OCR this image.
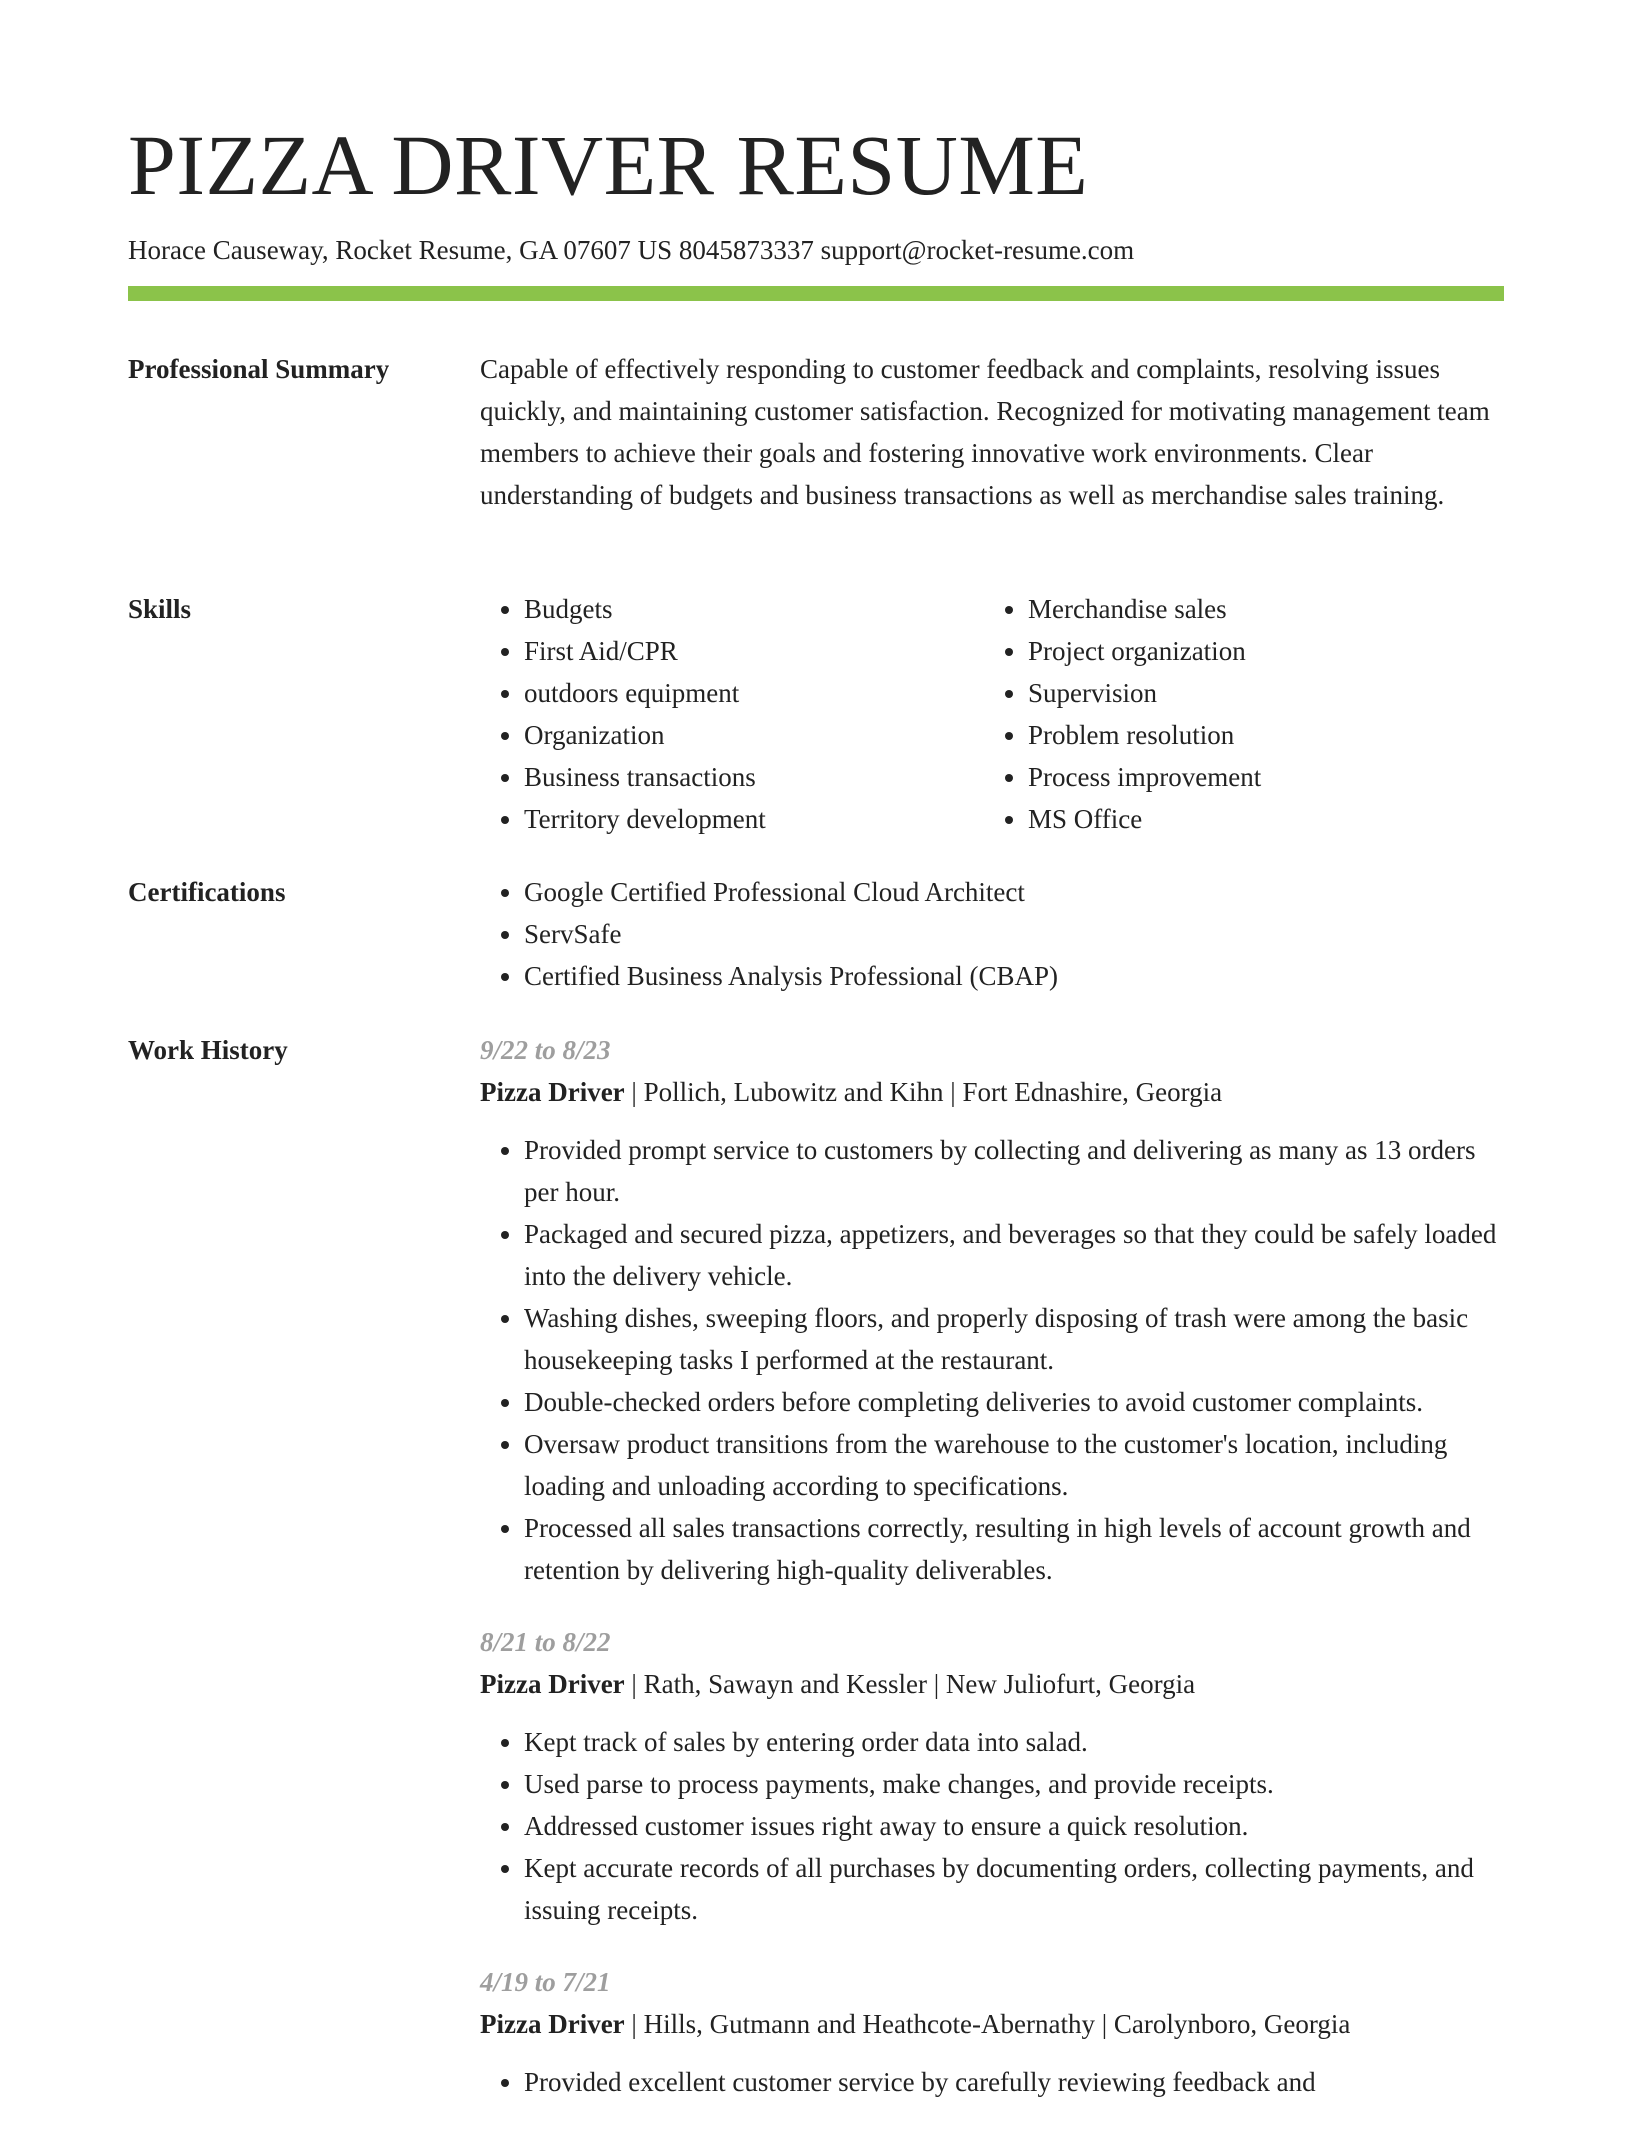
PIZZA DRIVER RESUME
Horace Causeway, Rocket Resume, GA 07607 US 8045873337 support@rocket-resume.com
Professional Summary	Capable of effectively responding to customer feedback and complaints, resolving issues quickly, and maintaining customer satisfaction. Recognized for motivating management team members to achieve their goals and fostering innovative work environments. Clear understanding of budgets and business transactions as well as merchandise sales training.

Skills	• Budgets
• First Aid/CPR
• outdoors equipment
• Organization
• Business transactions
• Territory development
• Merchandise sales
• Project organization
• Supervision
• Problem resolution
• Process improvement
• MS Office
Certifications	• Google Certified Professional Cloud Architect
• ServSafe
• Certified Business Analysis Professional (CBAP)
Work History	9/22 to 8/23
Pizza Driver | Pollich, Lubowitz and Kihn | Fort Ednashire, Georgia
• Provided prompt service to customers by collecting and delivering as many as 13 orders per hour.
• Packaged and secured pizza, appetizers, and beverages so that they could be safely loaded into the delivery vehicle.
• Washing dishes, sweeping floors, and properly disposing of trash were among the basic housekeeping tasks I performed at the restaurant.
• Double-checked orders before completing deliveries to avoid customer complaints.
• Oversaw product transitions from the warehouse to the customer's location, including loading and unloading according to specifications.
• Processed all sales transactions correctly, resulting in high levels of account growth and retention by delivering high-quality deliverables.
8/21 to 8/22
Pizza Driver | Rath, Sawayn and Kessler | New Juliofurt, Georgia
• Kept track of sales by entering order data into salad.
• Used parse to process payments, make changes, and provide receipts.
• Addressed customer issues right away to ensure a quick resolution.
• Kept accurate records of all purchases by documenting orders, collecting payments, and issuing receipts.
4/19 to 7/21
Pizza Driver | Hills, Gutmann and Heathcote-Abernathy | Carolynboro, Georgia
• Provided excellent customer service by carefully reviewing feedback and
